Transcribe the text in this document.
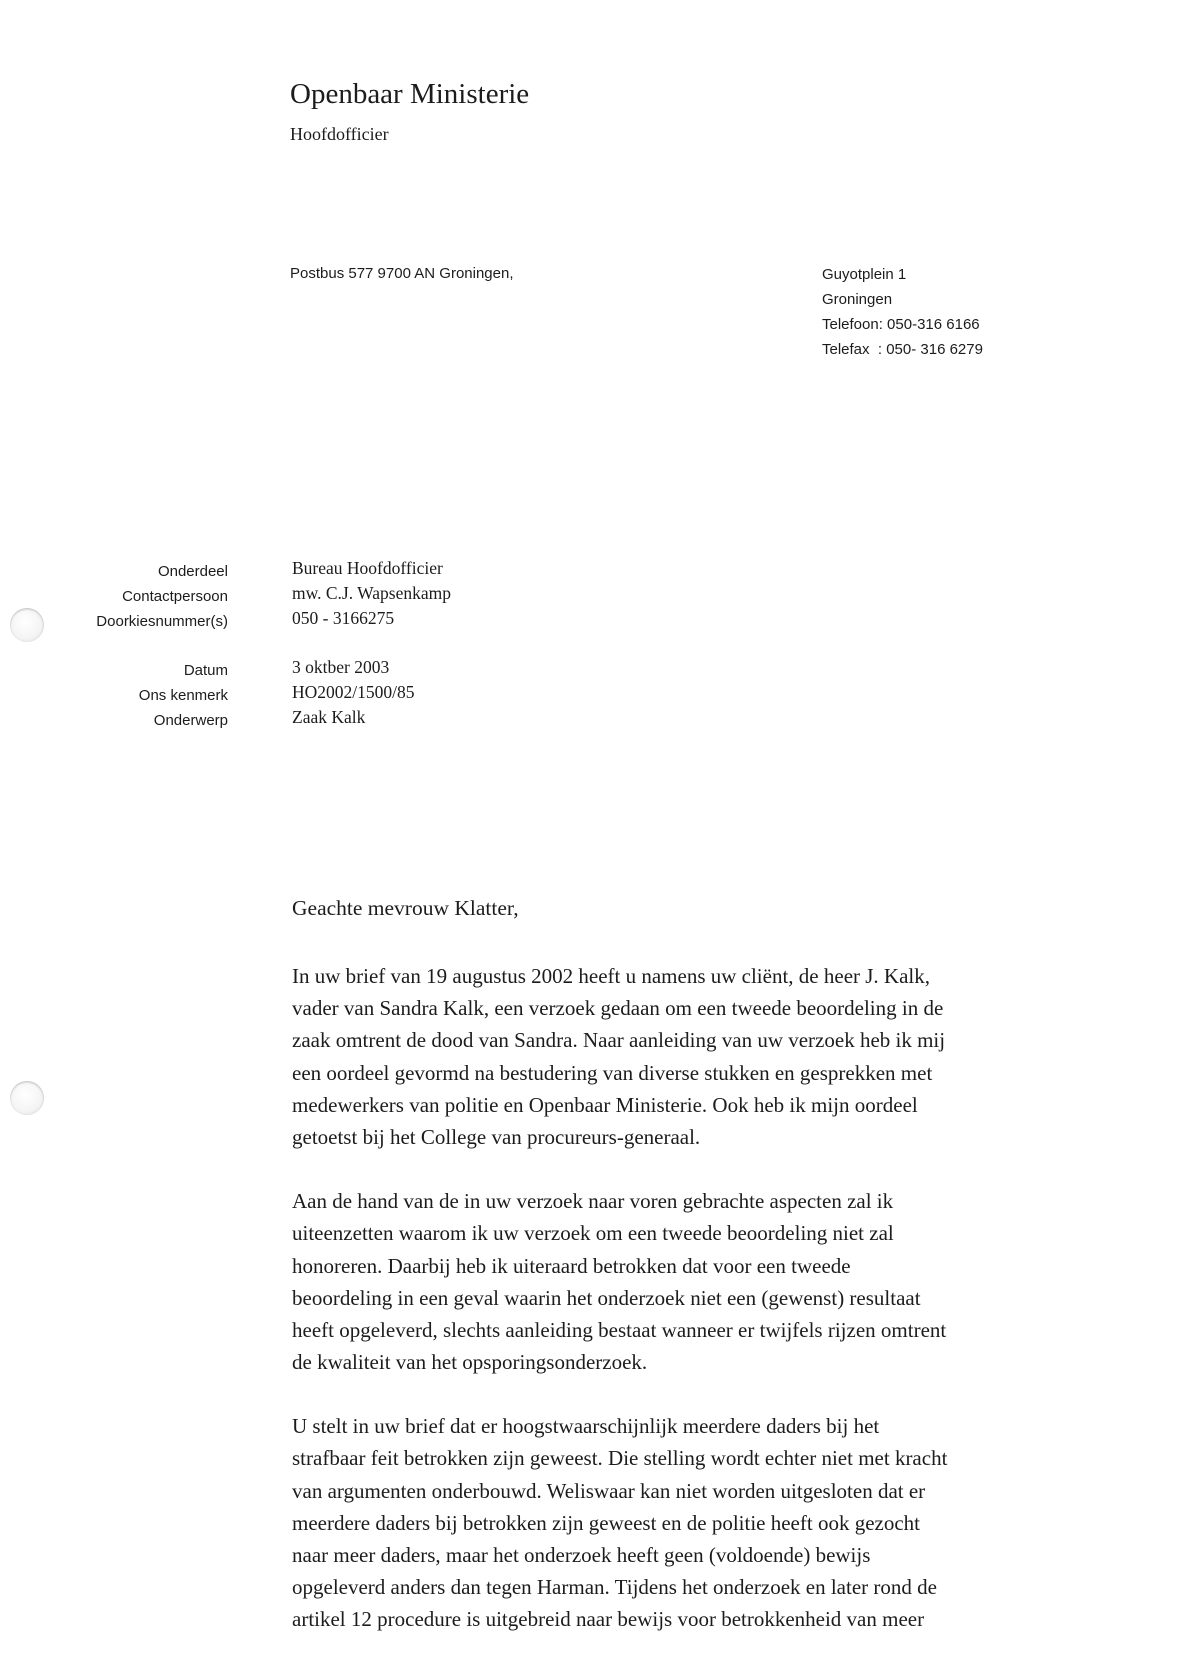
Openbaar Ministerie
Hoofdofficier
Postbus 577 9700 AN Groningen,	Guyotplein 1
Groningen
Telefoon: 050-316 6166
Telefax  : 050- 316 6279
Onderdeel
Contactpersoon
Doorkiesnummer(s)
Datum
Ons kenmerk
Onderwerp
Bureau Hoofdofficier
mw. C.J. Wapsenkamp
050 - 3166275
3 oktber 2003
HO2002/1500/85
Zaak Kalk
Geachte mevrouw Klatter,
In uw brief van 19 augustus 2002 heeft u namens uw cliënt, de heer J. Kalk,
vader van Sandra Kalk, een verzoek gedaan om een tweede beoordeling in de
zaak omtrent de dood van Sandra. Naar aanleiding van uw verzoek heb ik mij
een oordeel gevormd na bestudering van diverse stukken en gesprekken met
medewerkers van politie en Openbaar Ministerie. Ook heb ik mijn oordeel
getoetst bij het College van procureurs-generaal.
Aan de hand van de in uw verzoek naar voren gebrachte aspecten zal ik
uiteenzetten waarom ik uw verzoek om een tweede beoordeling niet zal
honoreren. Daarbij heb ik uiteraard betrokken dat voor een tweede
beoordeling in een geval waarin het onderzoek niet een (gewenst) resultaat
heeft opgeleverd, slechts aanleiding bestaat wanneer er twijfels rijzen omtrent
de kwaliteit van het opsporingsonderzoek.
U stelt in uw brief dat er hoogstwaarschijnlijk meerdere daders bij het
strafbaar feit betrokken zijn geweest. Die stelling wordt echter niet met kracht
van argumenten onderbouwd. Weliswaar kan niet worden uitgesloten dat er
meerdere daders bij betrokken zijn geweest en de politie heeft ook gezocht
naar meer daders, maar het onderzoek heeft geen (voldoende) bewijs
opgeleverd anders dan tegen Harman. Tijdens het onderzoek en later rond de
artikel 12 procedure is uitgebreid naar bewijs voor betrokkenheid van meer
